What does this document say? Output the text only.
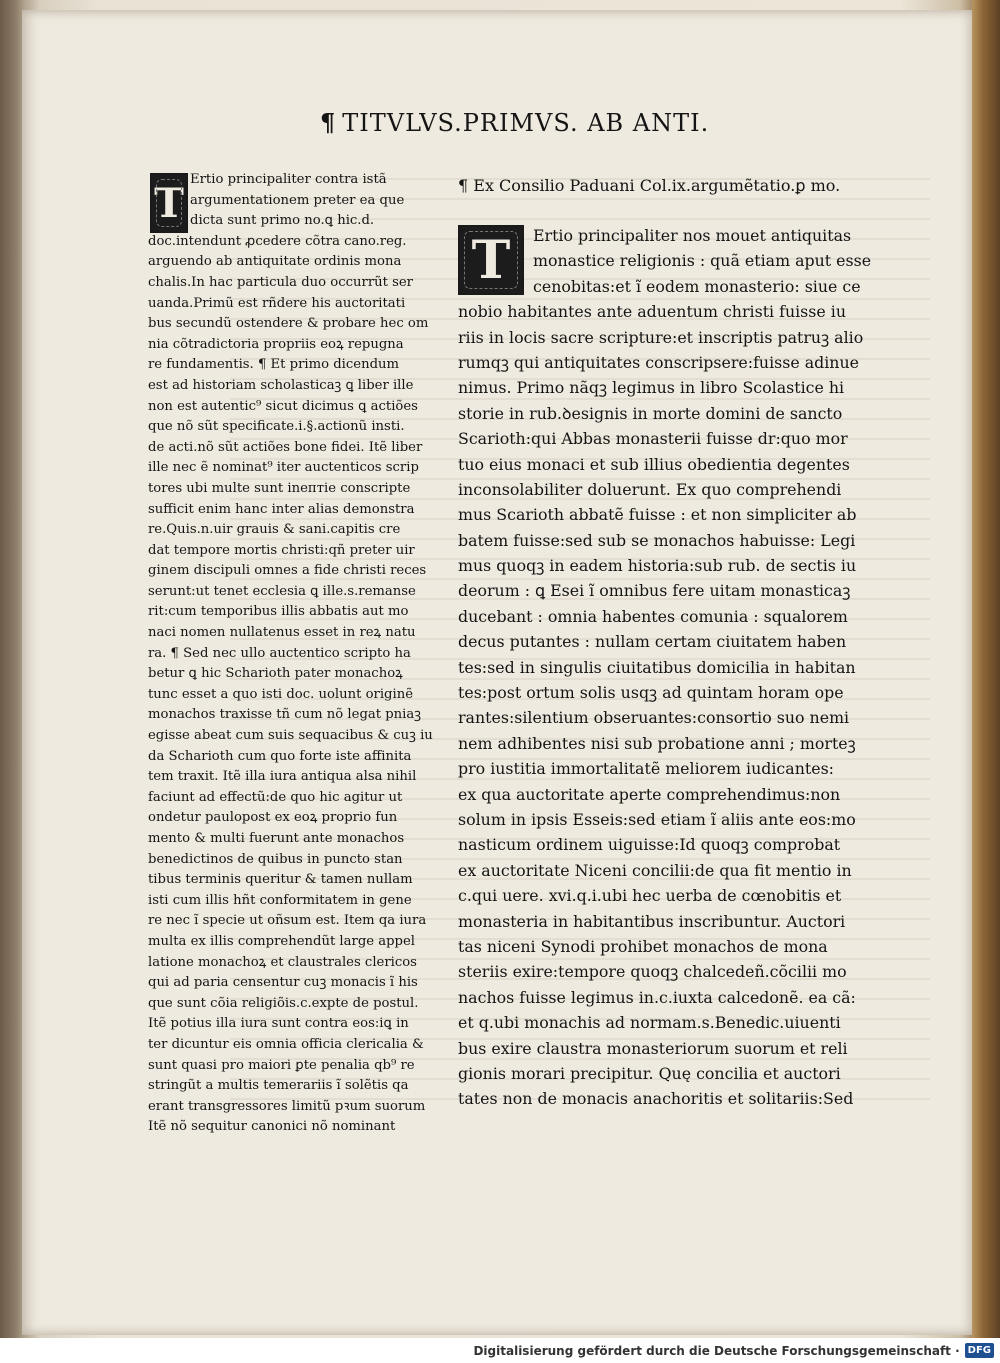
¶ TITVLVS.PRIMVS. AB ANTI.
T Ertio principaliter contra istã
argumentationem preter ea que
dicta sunt primo no.ꝗ hic.d.
doc.intendunt ꝓcedere cõtra cano.reg.
arguendo ab antiquitate ordinis mona
chalis.In hac particula duo occurrũt ser
uanda.Primũ est rñdere his auctoritati
bus secundũ ostendere & probare hec om
nia cõtradictoria propriis eoꝝ repugna
re fundamentis. ¶ Et primo dicendum
est ad historiam scholasticaꝫ ꝗ liber ille
non est autentic⁹ sicut dicimus ꝗ actiões
que nõ sũt specificate.i.§.actionũ insti.
de acti.nõ sũt actiões bone fidei. Itẽ liber
ille nec ẽ nominat⁹ iter auctenticos scrip
tores ubi multe sunt inептie conscripte
sufficit enim hanc inter alias demonstra
re.Quis.n.uir grauis & sani.capitis cre
dat tempore mortis christi:qñ preter uir
ginem discipuli omnes a fide christi reces
serunt:ut tenet ecclesia ꝗ ille.s.remanse
rit:cum temporibus illis abbatis aut mo
naci nomen nullatenus esset in reꝝ natu
ra. ¶ Sed nec ullo auctentico scripto ha
betur ꝗ hic Scharioth pater monachoꝝ
tunc esset a quo isti doc. uolunt originẽ
monachos traxisse tñ cum nõ legat pniaꝫ
egisse abeat cum suis sequacibus & cuꝫ iu
da Scharioth cum quo forte iste affinita
tem traxit. Itẽ illa iura antiqua alsa nihil
faciunt ad effectũ:de quo hic agitur ut
ondetur paulopost ex eoꝝ proprio fun
mento & multi fuerunt ante monachos
benedictinos de quibus in puncto stan
tibus terminis queritur & tamen nullam
isti cum illis hñt conformitatem in gene
re nec ĩ specie ut oñsum est. Item qa iura
multa ex illis comprehendũt large appel
latione monachoꝝ et claustrales clericos
qui ad paria censentur cuꝫ monacis ĩ his
que sunt cõia religiõis.c.expte de postul.
Itẽ potius illa iura sunt contra eos:iꝗ in
ter dicuntur eis omnia officia clericalia &
sunt quasi pro maiori ꝑte penalia qb⁹ re
stringũt a multis temerariis ĩ solẽtis qa
erant transgressores limitũ pꝛum suorum
Itẽ nõ sequitur canonici nõ nominant
T
¶ Ex Consilio Paduani Col.ix.argumẽtatio.ꝑ mo.
Ertio principaliter nos mouet antiquitas
monastice religionis : quã etiam aput esse
cenobitas:et ĩ eodem monasterio: siue ce
nobio habitantes ante aduentum christi fuisse iu
riis in locis sacre scripture:et inscriptis patruꝫ alio
rumqꝫ qui antiquitates conscripsere:fuisse adinue
nimus. Primo nãqꝫ legimus in libro Scolastice hi
storie in rub.ꝺesignis in morte domini de sancto
Scarioth:qui Abbas monasterii fuisse dr:quo mor
tuo eius monaci et sub illius obedientia degentes
inconsolabiliter doluerunt. Ex quo comprehendi
mus Scarioth abbatẽ fuisse : et non simpliciter ab
batem fuisse:sed sub se monachos habuisse: Legi
mus quoqꝫ in eadem historia:sub rub. de sectis iu
deorum : ꝗ Esei ĩ omnibus fere uitam monasticaꝫ
ducebant : omnia habentes comunia : squalorem
decus putantes : nullam certam ciuitatem haben
tes:sed in singulis ciuitatibus domicilia in habitan
tes:post ortum solis usqꝫ ad quintam horam ope
rantes:silentium obseruantes:consortio suo nemi
nem adhibentes nisi sub probatione anni ; morteꝫ
pro iustitia immortalitatẽ meliorem iudicantes:
ex qua auctoritate aperte comprehendimus:non
solum in ipsis Esseis:sed etiam ĩ aliis ante eos:mo
nasticum ordinem uiguisse:Id quoqꝫ comprobat
ex auctoritate Niceni concilii:de qua fit mentio in
c.qui uere. xvi.q.i.ubi hec uerba de cœnobitis et
monasteria in habitantibus inscribuntur. Auctori
tas niceni Synodi prohibet monachos de mona
steriis exire:tempore quoqꝫ chalcedeñ.cõcilii mo
nachos fuisse legimus in.c.iuxta calcedonẽ. ea cã:
et q.ubi monachis ad normam.s.Benedic.uiuenti
bus exire claustra monasteriorum suorum et reli
gionis morari precipitur. Quę concilia et auctori
tates non de monacis anachoritis et solitariis:Sed
Digitalisierung gefördert durch die Deutsche Forschungsgemeinschaft · DFG
